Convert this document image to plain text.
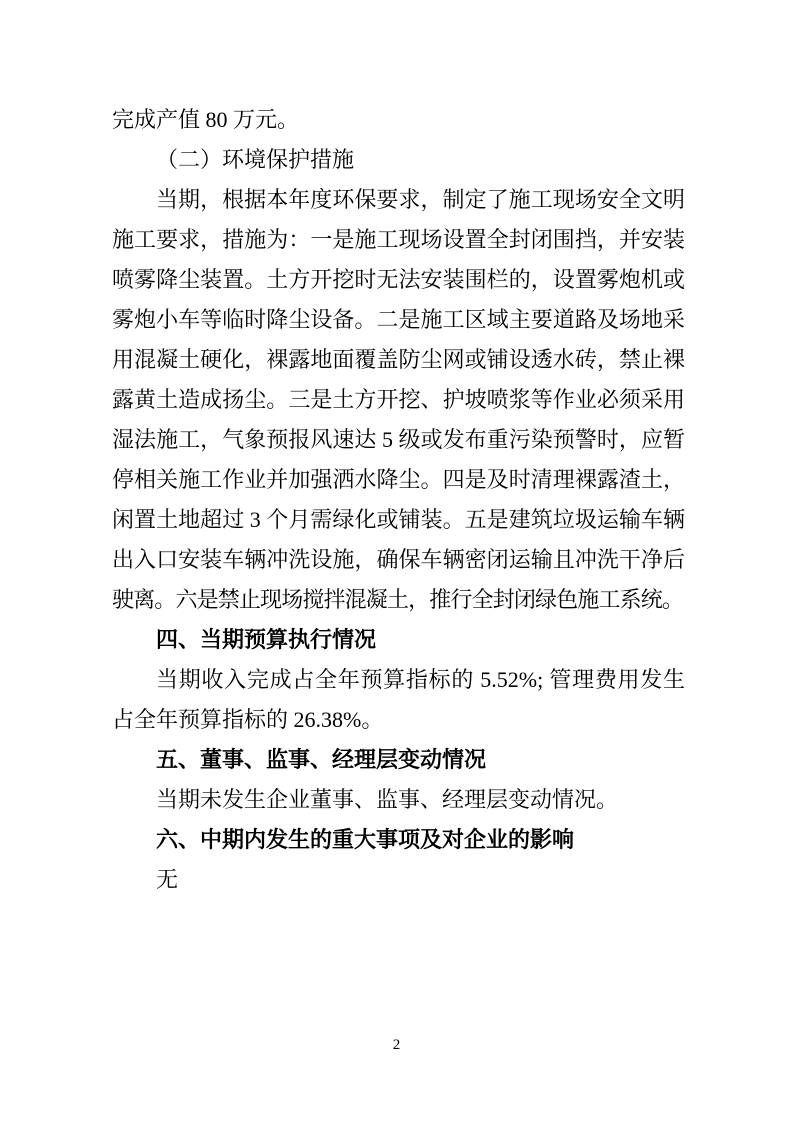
完成产值 80 万元。
（二）环境保护措施
当期，根据本年度环保要求，制定了施工现场安全文明
施工要求，措施为：一是施工现场设置全封闭围挡，并安装
喷雾降尘装置。土方开挖时无法安装围栏的，设置雾炮机或
雾炮小车等临时降尘设备。二是施工区域主要道路及场地采
用混凝土硬化，裸露地面覆盖防尘网或铺设透水砖，禁止裸
露黄土造成扬尘。三是土方开挖、护坡喷浆等作业必须采用
湿法施工，气象预报风速达 5 级或发布重污染预警时，应暂
停相关施工作业并加强洒水降尘。四是及时清理裸露渣土，
闲置土地超过 3 个月需绿化或铺装。五是建筑垃圾运输车辆
出入口安装车辆冲洗设施，确保车辆密闭运输且冲洗干净后
驶离。六是禁止现场搅拌混凝土，推行全封闭绿色施工系统。
四、当期预算执行情况
当期收入完成占全年预算指标的 5.52%; 管理费用发生
占全年预算指标的 26.38%。
五、董事、监事、经理层变动情况
当期未发生企业董事、监事、经理层变动情况。
六、中期内发生的重大事项及对企业的影响
无
2
